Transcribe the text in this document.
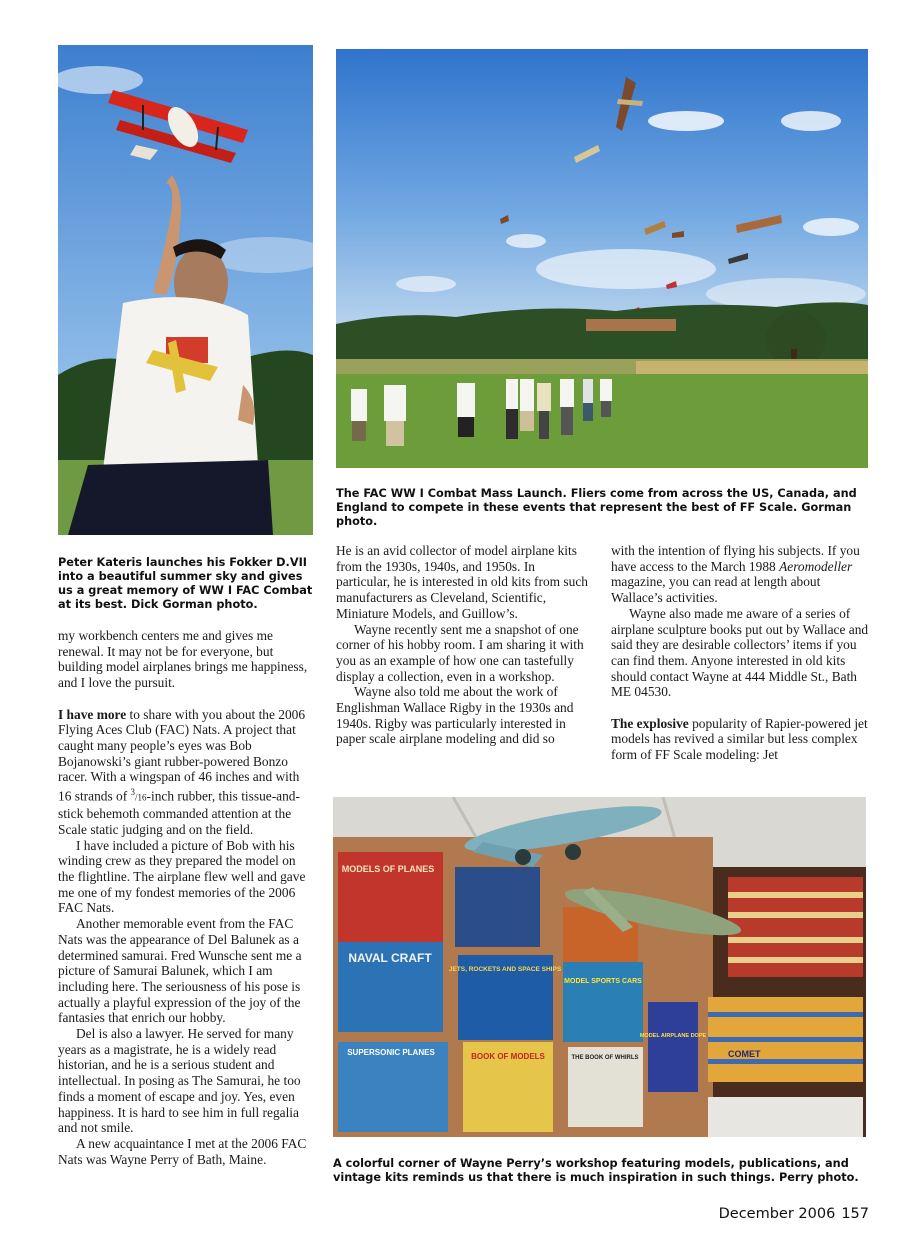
Peter Kateris launches his Fokker D.VII into a beautiful summer sky and gives us a great memory of WW I FAC Combat at its best. Dick Gorman photo.
The FAC WW I Combat Mass Launch. Fliers come from across the US, Canada, and England to compete in these events that represent the best of FF Scale. Gorman photo.

my workbench centers me and gives me renewal. It may not be for everyone, but building model airplanes brings me happiness, and I love the pursuit.

I have more to share with you about the 2006 Flying Aces Club (FAC) Nats. A project that caught many people’s eyes was Bob Bojanowski’s giant rubber-powered Bonzo racer. With a wingspan of 46 inches and with 16 strands of $^3$/16-inch rubber, this tissue-and-stick behemoth commanded attention at the Scale static judging and on the field.

I have included a picture of Bob with his winding crew as they prepared the model on the flightline. The airplane flew well and gave me one of my fondest memories of the 2006 FAC Nats.

Another memorable event from the FAC Nats was the appearance of Del Balunek as a determined samurai. Fred Wunsche sent me a picture of Samurai Balunek, which I am including here. The seriousness of his pose is actually a playful expression of the joy of the fantasies that enrich our hobby.

Del is also a lawyer. He served for many years as a magistrate, he is a widely read historian, and he is a serious student and intellectual. In posing as The Samurai, he too finds a moment of escape and joy. Yes, even happiness. It is hard to see him in full regalia and not smile.

A new acquaintance I met at the 2006 FAC Nats was Wayne Perry of Bath, Maine.

He is an avid collector of model airplane kits from the 1930s, 1940s, and 1950s. In particular, he is interested in old kits from such manufacturers as Cleveland, Scientific, Miniature Models, and Guillow’s.

Wayne recently sent me a snapshot of one corner of his hobby room. I am sharing it with you as an example of how one can tastefully display a collection, even in a workshop.

Wayne also told me about the work of Englishman Wallace Rigby in the 1930s and 1940s. Rigby was particularly interested in paper scale airplane modeling and did so

with the intention of flying his subjects. If you have access to the March 1988 Aeromodeller magazine, you can read at length about Wallace’s activities.

Wayne also made me aware of a series of airplane sculpture books put out by Wallace and said they are desirable collectors’ items if you can find them. Anyone interested in old kits should contact Wayne at 444 Middle St., Bath ME 04530.

The explosive popularity of Rapier-powered jet models has revived a similar but less complex form of FF Scale modeling: Jet

MODELS OF PLANES
NAVAL CRAFT
JETS, ROCKETS AND SPACE SHIPS
MODEL SPORTS CARS
SUPERSONIC PLANES	BOOK OF MODELS	THE BOOK OF WHIRLS
MODEL AIRPLANE DOPE
COMET
A colorful corner of Wayne Perry’s workshop featuring models, publications, and vintage kits reminds us that there is much inspiration in such things. Perry photo.
December 2006 157
